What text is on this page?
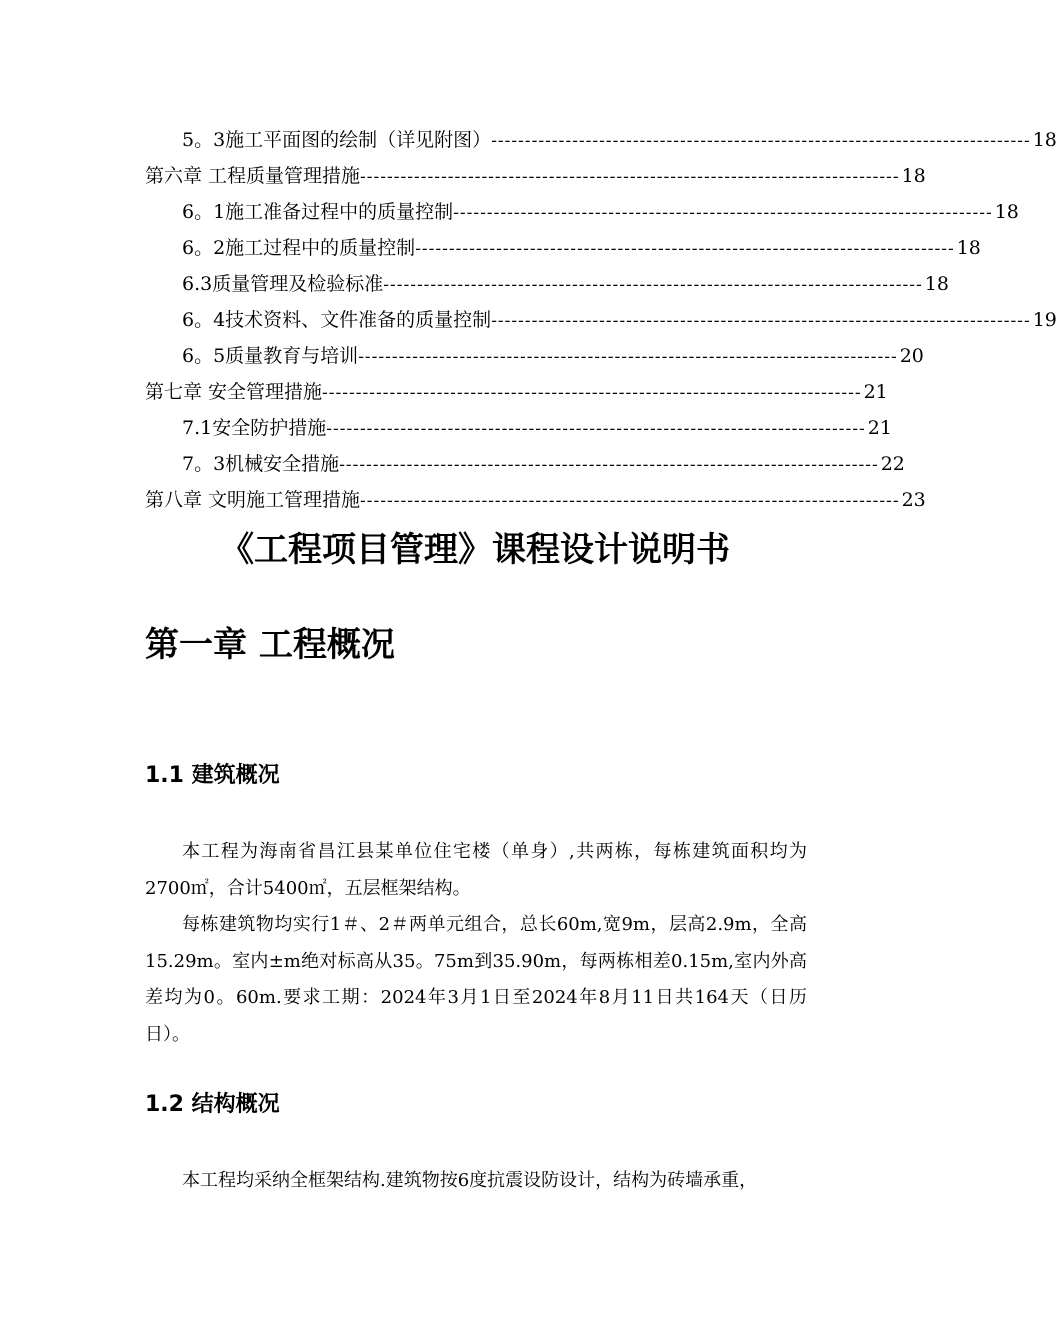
5。3施工平面图的绘制（详见附图） -------------------------------------------------------------------------------- 18
第六章 工程质量管理措施 -------------------------------------------------------------------------------- 18
6。1施工准备过程中的质量控制 -------------------------------------------------------------------------------- 18
6。2施工过程中的质量控制 -------------------------------------------------------------------------------- 18
6.3质量管理及检验标准 -------------------------------------------------------------------------------- 18
6。4技术资料、文件准备的质量控制 -------------------------------------------------------------------------------- 19
6。5质量教育与培训 -------------------------------------------------------------------------------- 20
第七章 安全管理措施 -------------------------------------------------------------------------------- 21
7.1安全防护措施 -------------------------------------------------------------------------------- 21
7。3机械安全措施 -------------------------------------------------------------------------------- 22
第八章 文明施工管理措施 -------------------------------------------------------------------------------- 23
《工程项目管理》课程设计说明书
第一章 工程概况
1.1 建筑概况
本工程为海南省昌江县某单位住宅楼（单身）,共两栋，每栋建筑面积均为2700㎡，合计5400㎡，五层框架结构。
每栋建筑物均实行1＃、2＃两单元组合，总长60m,宽9m，层高2.9m，全高15.29m。室内±m绝对标高从35。75m到35.90m，每两栋相差0.15m,室内外高差均为0。60m.要求工期：2024年3月1日至2024年8月11日共164天（日历日）。
1.2 结构概况
本工程均采纳全框架结构.建筑物按6度抗震设防设计，结构为砖墙承重，
